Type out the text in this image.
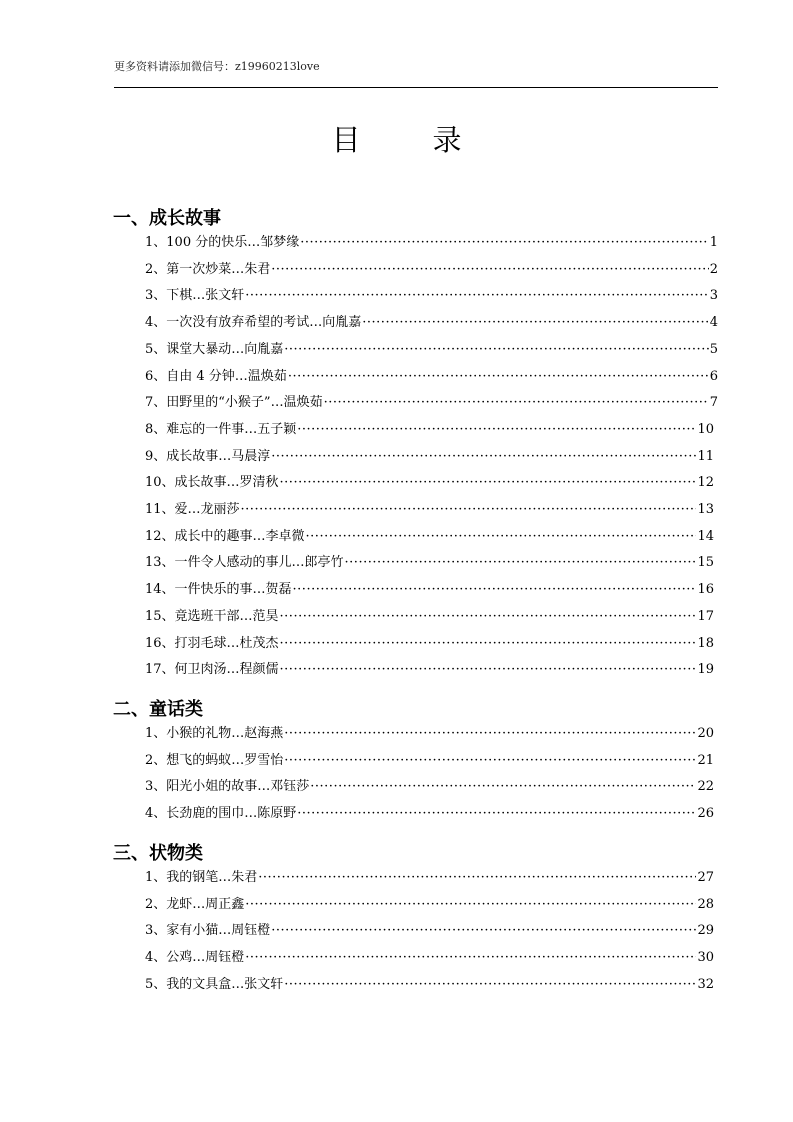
更多资料请添加微信号：z19960213love
目 录
一、成长故事
1、100 分的快乐…邹梦缘 ·····	1
2、第一次炒菜…朱君 ·····	2
3、下棋…张文轩 ·····	3
4、一次没有放弃希望的考试…向胤嘉 ·····	4
5、课堂大暴动…向胤嘉 ·····	5
6、自由 4 分钟…温焕茹 ·····	6
7、田野里的“小猴子”…温焕茹 ·····	7
8、难忘的一件事…五子颖 ·····	10
9、成长故事…马晨淳 ·····	11
10、成长故事…罗清秋 ·····	12
11、爱…龙丽莎 ·····	13
12、成长中的趣事…李卓微 ·····	14
13、一件令人感动的事儿…郎亭竹 ·····	15
14、一件快乐的事…贺磊 ·····	16
15、竟选班干部…范昊 ·····	17
16、打羽毛球…杜茂杰 ·····	18
17、何卫肉汤…程颜儒 ·····	19
二、童话类
1、小猴的礼物…赵海燕 ·····	20
2、想飞的蚂蚁…罗雪怡 ·····	21
3、阳光小姐的故事…邓钰莎 ·····	22
4、长劲鹿的围巾…陈原野 ·····	26
三、状物类
1、我的钢笔…朱君 ·····	27
2、龙虾…周正鑫 ·····	28
3、家有小猫…周钰橙 ·····	29
4、公鸡…周钰橙 ·····	30
5、我的文具盒…张文轩 ·····	32
